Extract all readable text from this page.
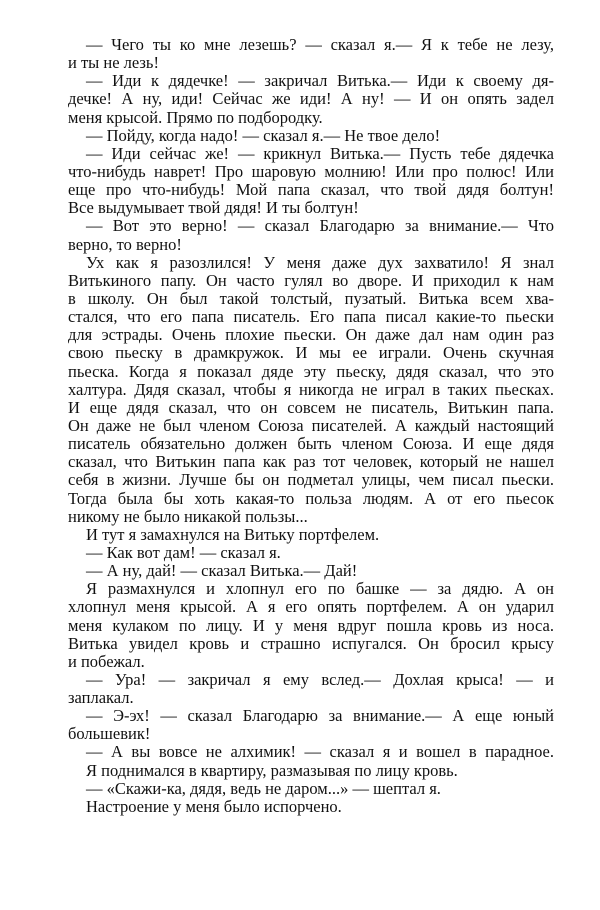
— Чего ты ко мне лезешь? — сказал я.— Я к тебе не лезу,
и ты не лезь!
— Иди к дядечке! — закричал Витька.— Иди к своему дя-
дечке! А ну, иди! Сейчас же иди! А ну! — И он опять задел
меня крысой. Прямо по подбородку.
— Пойду, когда надо! — сказал я.— Не твое дело!
— Иди сейчас же! — крикнул Витька.— Пусть тебе дядечка
что-нибудь наврет! Про шаровую молнию! Или про полюс! Или
еще про что-нибудь! Мой папа сказал, что твой дядя болтун!
Все выдумывает твой дядя! И ты болтун!
— Вот это верно! — сказал Благодарю за внимание.— Что
верно, то верно!
Ух как я разозлился! У меня даже дух захватило! Я знал
Витькиного папу. Он часто гулял во дворе. И приходил к нам
в школу. Он был такой толстый, пузатый. Витька всем хва-
стался, что его папа писатель. Его папа писал какие-то пьески
для эстрады. Очень плохие пьески. Он даже дал нам один раз
свою пьеску в драмкружок. И мы ее играли. Очень скучная
пьеска. Когда я показал дяде эту пьеску, дядя сказал, что это
халтура. Дядя сказал, чтобы я никогда не играл в таких пьесках.
И еще дядя сказал, что он совсем не писатель, Витькин папа.
Он даже не был членом Союза писателей. А каждый настоящий
писатель обязательно должен быть членом Союза. И еще дядя
сказал, что Витькин папа как раз тот человек, который не нашел
себя в жизни. Лучше бы он подметал улицы, чем писал пьески.
Тогда была бы хоть какая-то польза людям. А от его пьесок
никому не было никакой пользы...
И тут я замахнулся на Витьку портфелем.
— Как вот дам! — сказал я.
— А ну, дай! — сказал Витька.— Дай!
Я размахнулся и хлопнул его по башке — за дядю. А он
хлопнул меня крысой. А я его опять портфелем. А он ударил
меня кулаком по лицу. И у меня вдруг пошла кровь из носа.
Витька увидел кровь и страшно испугался. Он бросил крысу
и побежал.
— Ура! — закричал я ему вслед.— Дохлая крыса! — и
заплакал.
— Э-эх! — сказал Благодарю за внимание.— А еще юный
большевик!
— А вы вовсе не алхимик! — сказал я и вошел в парадное.
Я поднимался в квартиру, размазывая по лицу кровь.
— «Скажи-ка, дядя, ведь не даром...» — шептал я.
Настроение у меня было испорчено.
